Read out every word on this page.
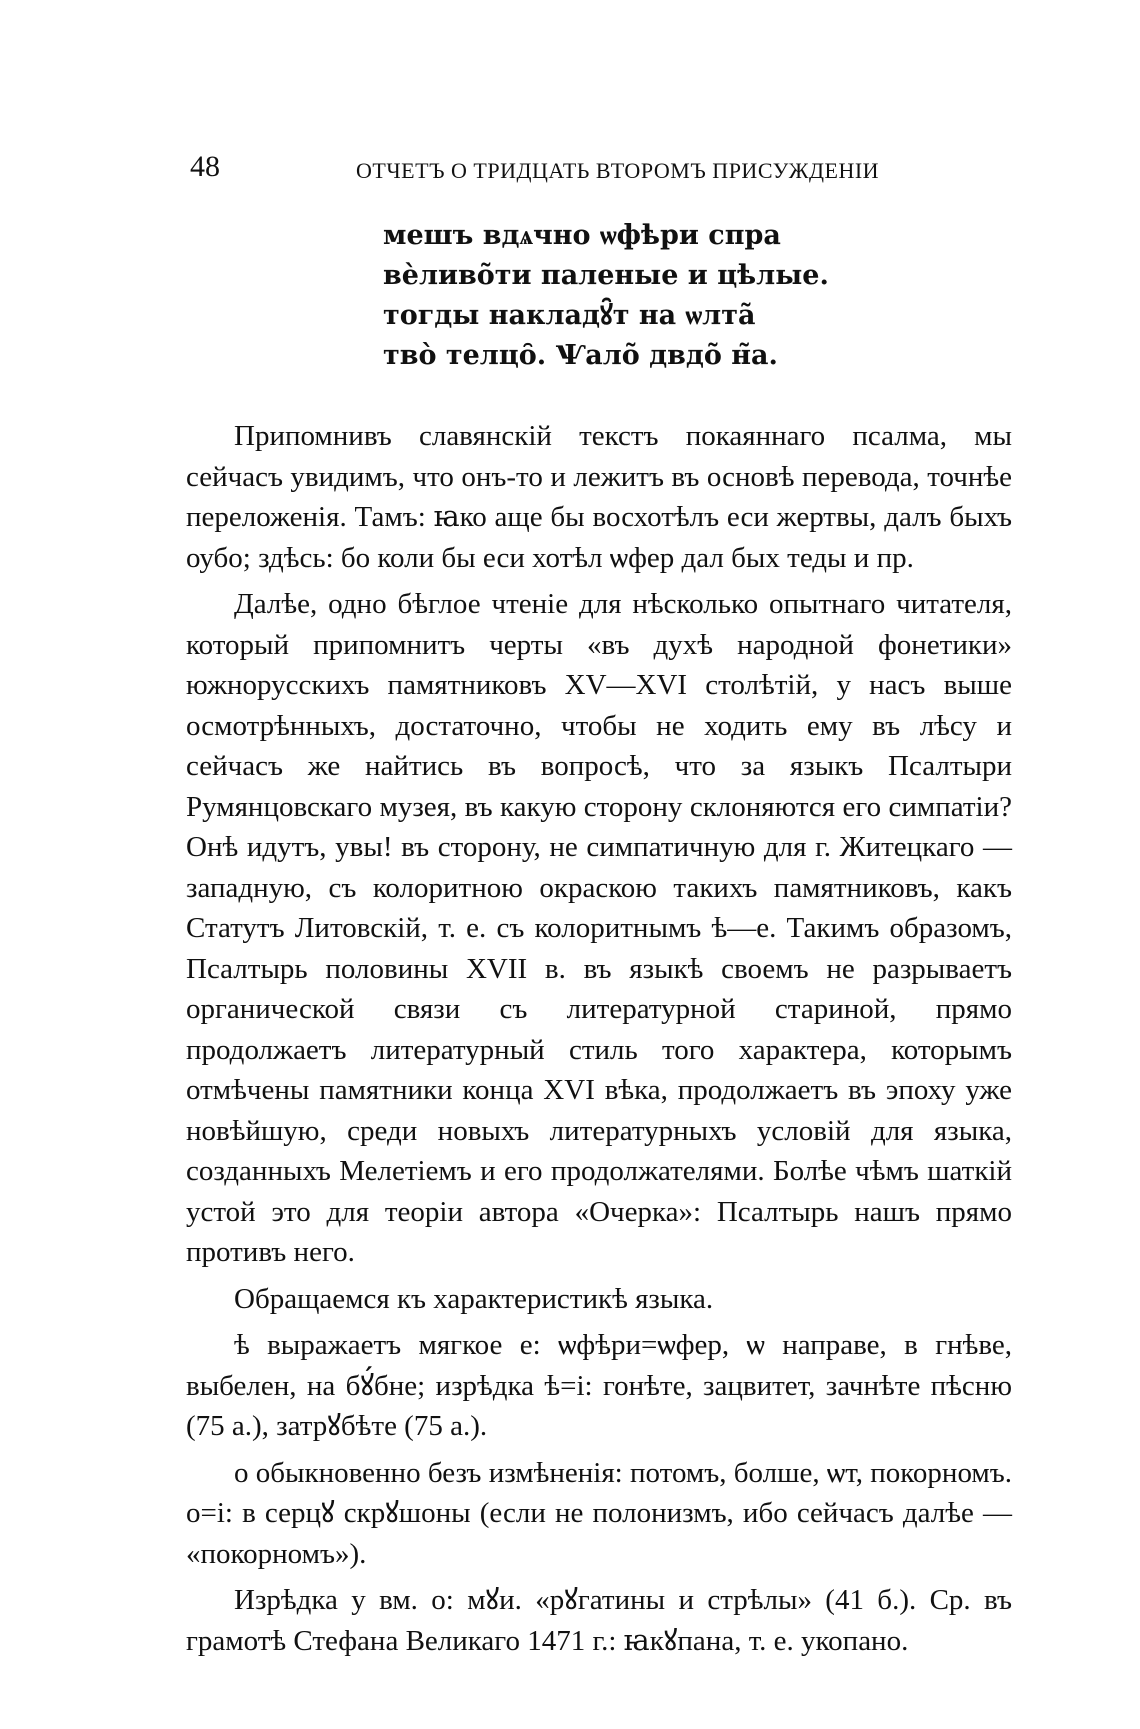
48	ОТЧЕТЪ О ТРИДЦАТЬ ВТОРОМЪ ПРИСУЖДЕНІИ
мешъ вдѧчно ѡфѣри спра
вѐливо̃ти паленые и цѣлые.
тогды накладꙋ̑т на ѡлта̃
тво̀ телцо̑. Ѱало̃ двдо̃ н̃а.

Припомнивъ славянскій текстъ покаяннаго псалма, мы сейчасъ увидимъ, что онъ-то и лежитъ въ основѣ перевода, точнѣе переложенія. Тамъ: ꙗко аще бы восхотѣлъ еси жертвы, далъ быхъ оубо; здѣсь: бо коли бы еси хотѣл ѡфер дал бых теды и пр.

Далѣе, одно бѣглое чтеніе для нѣсколько опытнаго читателя, который припомнитъ черты «въ духѣ народной фонетики» южнорусскихъ памятниковъ XV—XVI столѣтій, у насъ выше осмотрѣнныхъ, достаточно, чтобы не ходить ему въ лѣсу и сейчасъ же найтись въ вопросѣ, что за языкъ Псалтыри Румянцовскаго музея, въ какую сторону склоняются его симпатіи? Онѣ идутъ, увы! въ сторону, не симпатичную для г. Житецкаго — западную, съ колоритною окраскою такихъ памятниковъ, какъ Статутъ Литовскій, т. е. съ колоритнымъ ѣ—е. Такимъ образомъ, Псалтырь половины XVII в. въ языкѣ своемъ не разрываетъ органической связи съ литературной стариной, прямо продолжаетъ литературный стиль того характера, которымъ отмѣчены памятники конца XVI вѣка, продолжаетъ въ эпоху уже новѣйшую, среди новыхъ литературныхъ условій для языка, созданныхъ Мелетіемъ и его продолжателями. Болѣе чѣмъ шаткій устой это для теоріи автора «Очерка»: Псалтырь нашъ прямо противъ него.

Обращаемся къ характеристикѣ языка.

ѣ выражаетъ мягкое е: ѡфѣри=ѡфер, ѡ направе, в гнѣве, выбелен, на бꙋ́бне; изрѣдка ѣ=і: гонѣте, зацвитет, зачнѣте пѣсню (75 а.), затрꙋбѣте (75 а.).

о обыкновенно безъ измѣненія: потомъ, болше, ѡт, покорномъ. о=і: в серцꙋ скрꙋшоны (если не полонизмъ, ибо сейчасъ далѣе — «покорномъ»).

Изрѣдка у вм. о: мꙋи. «рꙋгатины и стрѣлы» (41 б.). Ср. въ грамотѣ Стефана Великаго 1471 г.: ꙗкꙋпана, т. е. укопано.
